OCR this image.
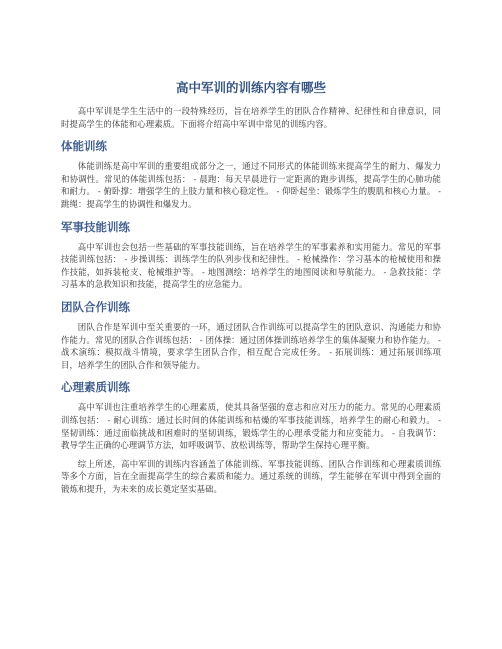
高中军训的训练内容有哪些

高中军训是学生生活中的一段特殊经历，旨在培养学生的团队合作精神、纪律性和自律意识，同时提高学生的体能和心理素质。下面将介绍高中军训中常见的训练内容。

体能训练

体能训练是高中军训的重要组成部分之一，通过不同形式的体能训练来提高学生的耐力、爆发力和协调性。常见的体能训练包括： - 晨跑：每天早晨进行一定距离的跑步训练，提高学生的心肺功能和耐力。 - 俯卧撑：增强学生的上肢力量和核心稳定性。 - 仰卧起坐：锻炼学生的腹肌和核心力量。 - 跳绳：提高学生的协调性和爆发力。

军事技能训练

高中军训也会包括一些基础的军事技能训练，旨在培养学生的军事素养和实用能力。常见的军事技能训练包括： - 步操训练：训练学生的队列步伐和纪律性。 - 枪械操作：学习基本的枪械使用和操作技能，如拆装枪支、枪械维护等。 - 地图测绘：培养学生的地图阅读和导航能力。 - 急救技能：学习基本的急救知识和技能，提高学生的应急能力。

团队合作训练

团队合作是军训中至关重要的一环，通过团队合作训练可以提高学生的团队意识、沟通能力和协作能力。常见的团队合作训练包括： - 团体操：通过团体操训练培养学生的集体凝聚力和协作能力。 - 战术演练：模拟战斗情境，要求学生团队合作，相互配合完成任务。 - 拓展训练：通过拓展训练项目，培养学生的团队合作和领导能力。

心理素质训练

高中军训也注重培养学生的心理素质，使其具备坚强的意志和应对压力的能力。常见的心理素质训练包括： - 耐心训练：通过长时间的体能训练和枯燥的军事技能训练，培养学生的耐心和毅力。 - 坚韧训练：通过面临挑战和困难时的坚韧训练，锻炼学生的心理承受能力和应变能力。 - 自我调节：教导学生正确的心理调节方法，如呼吸调节、放松训练等，帮助学生保持心理平衡。

综上所述，高中军训的训练内容涵盖了体能训练、军事技能训练、团队合作训练和心理素质训练等多个方面，旨在全面提高学生的综合素质和能力。通过系统的训练，学生能够在军训中得到全面的锻炼和提升，为未来的成长奠定坚实基础。
